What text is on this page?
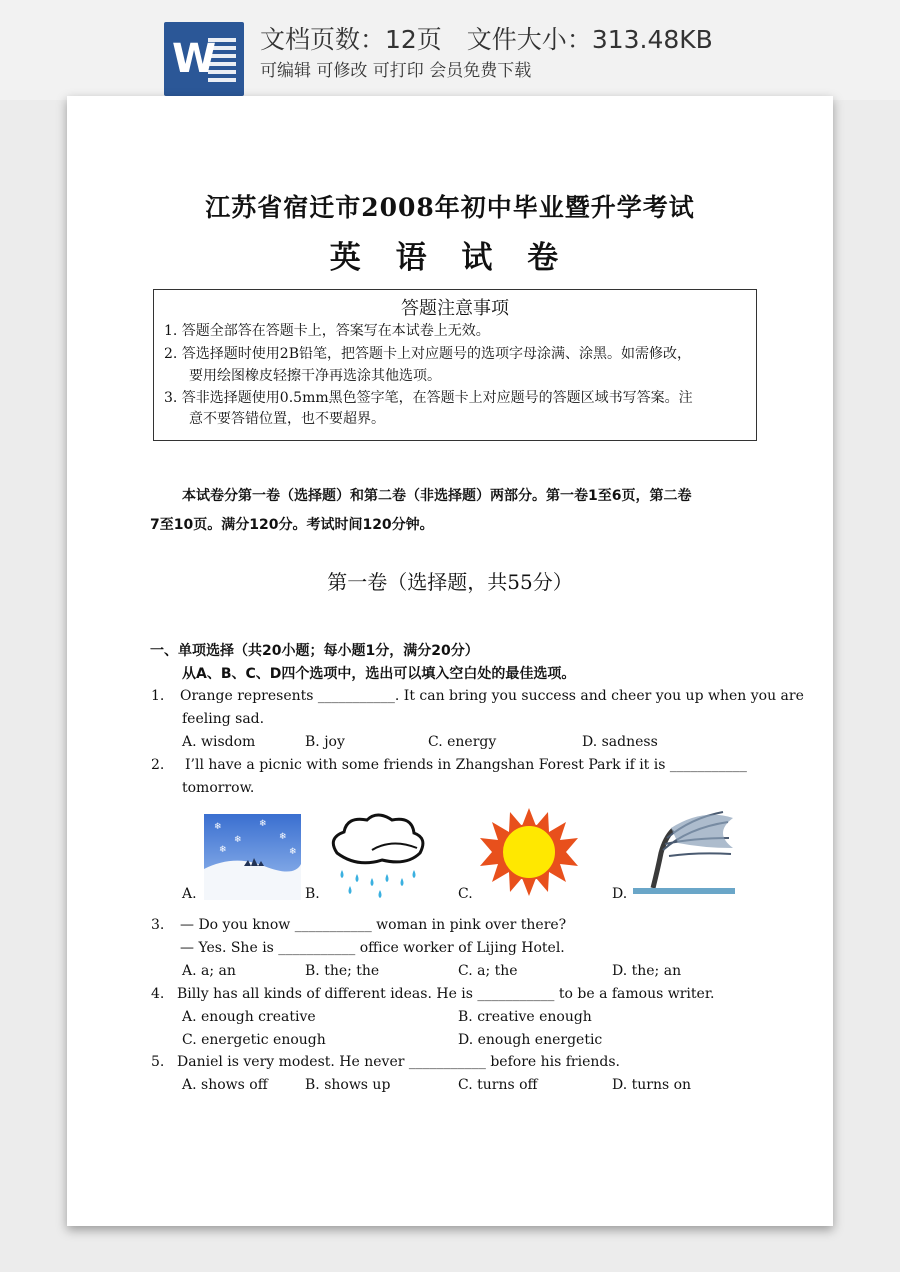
W 文档页数：12页　文件大小：313.48KB
可编辑 可修改 可打印 会员免费下载
江苏省宿迁市2008年初中毕业暨升学考试
英 语 试 卷
答题注意事项
1. 答题全部答在答题卡上，答案写在本试卷上无效。
2. 答选择题时使用2B铅笔，把答题卡上对应题号的选项字母涂满、涂黑。如需修改，
要用绘图橡皮轻擦干净再选涂其他选项。
3. 答非选择题使用0.5mm黑色签字笔，在答题卡上对应题号的答题区域书写答案。注
意不要答错位置，也不要超界。
本试卷分第一卷（选择题）和第二卷（非选择题）两部分。第一卷1至6页，第二卷
7至10页。满分120分。考试时间120分钟。
第一卷（选择题，共55分）
一、单项选择（共20小题；每小题1分，满分20分）
从A、B、C、D四个选项中，选出可以填入空白处的最佳选项。
1. Orange represents ___________. It can bring you success and cheer you up when you are
feeling sad.
A. wisdom	B. joy	C. energy	D. sadness
2. I’ll have a picnic with some friends in Zhangshan Forest Park if it is ___________
tomorrow.
A.
❄
❄
❄
❄
❄	❄
B.	C.	D.
3. — Do you know ___________ woman in pink over there?
— Yes. She is ___________ office worker of Lijing Hotel.
A. a; an	B. the; the	C. a; the	D. the; an
4. Billy has all kinds of different ideas. He is ___________ to be a famous writer.
A. enough creative	B. creative enough
C. energetic enough	D. enough energetic
5. Daniel is very modest. He never ___________ before his friends.
A. shows off	B. shows up	C. turns off	D. turns on
